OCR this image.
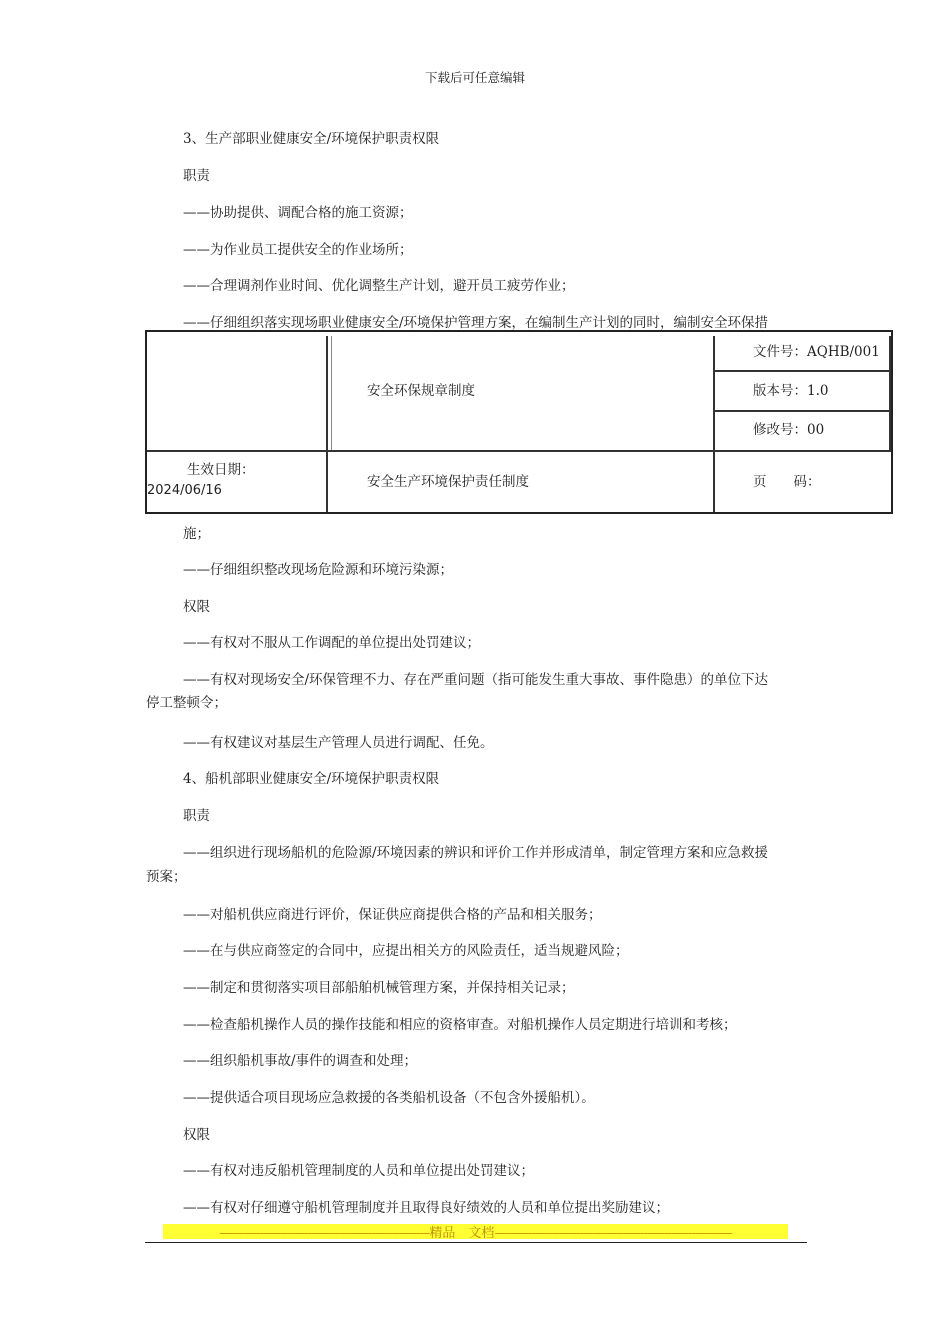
下载后可任意编辑
3、生产部职业健康安全/环境保护职责权限
职责
——协助提供、调配合格的施工资源；
——为作业员工提供安全的作业场所；
——合理调剂作业时间、优化调整生产计划，避开员工疲劳作业；
——仔细组织落实现场职业健康安全/环境保护管理方案，在编制生产计划的同时，编制安全环保措
安全环保规章制度
文件号：AQHB/001
版本号：1.0
修改号：00
生效日期：
2024/06/16
安全生产环境保护责任制度	页　　码：
施；
——仔细组织整改现场危险源和环境污染源；
权限
——有权对不服从工作调配的单位提出处罚建议；
——有权对现场安全/环保管理不力、存在严重问题（指可能发生重大事故、事件隐患）的单位下达
停工整顿令；
——有权建议对基层生产管理人员进行调配、任免。
4、船机部职业健康安全/环境保护职责权限
职责
——组织进行现场船机的危险源/环境因素的辨识和评价工作并形成清单，制定管理方案和应急救援
预案；
——对船机供应商进行评价，保证供应商提供合格的产品和相关服务；
——在与供应商签定的合同中，应提出相关方的风险责任，适当规避风险；
——制定和贯彻落实项目部船舶机械管理方案，并保持相关记录；
——检查船机操作人员的操作技能和相应的资格审查。对船机操作人员定期进行培训和考核；
——组织船机事故/事件的调查和处理；
——提供适合项目现场应急救援的各类船机设备（不包含外援船机）。
权限
——有权对违反船机管理制度的人员和单位提出处罚建议；
——有权对仔细遵守船机管理制度并且取得良好绩效的人员和单位提出奖励建议；
--------------------------------------------------------------精品　文档----------------------------------------------------------------------
